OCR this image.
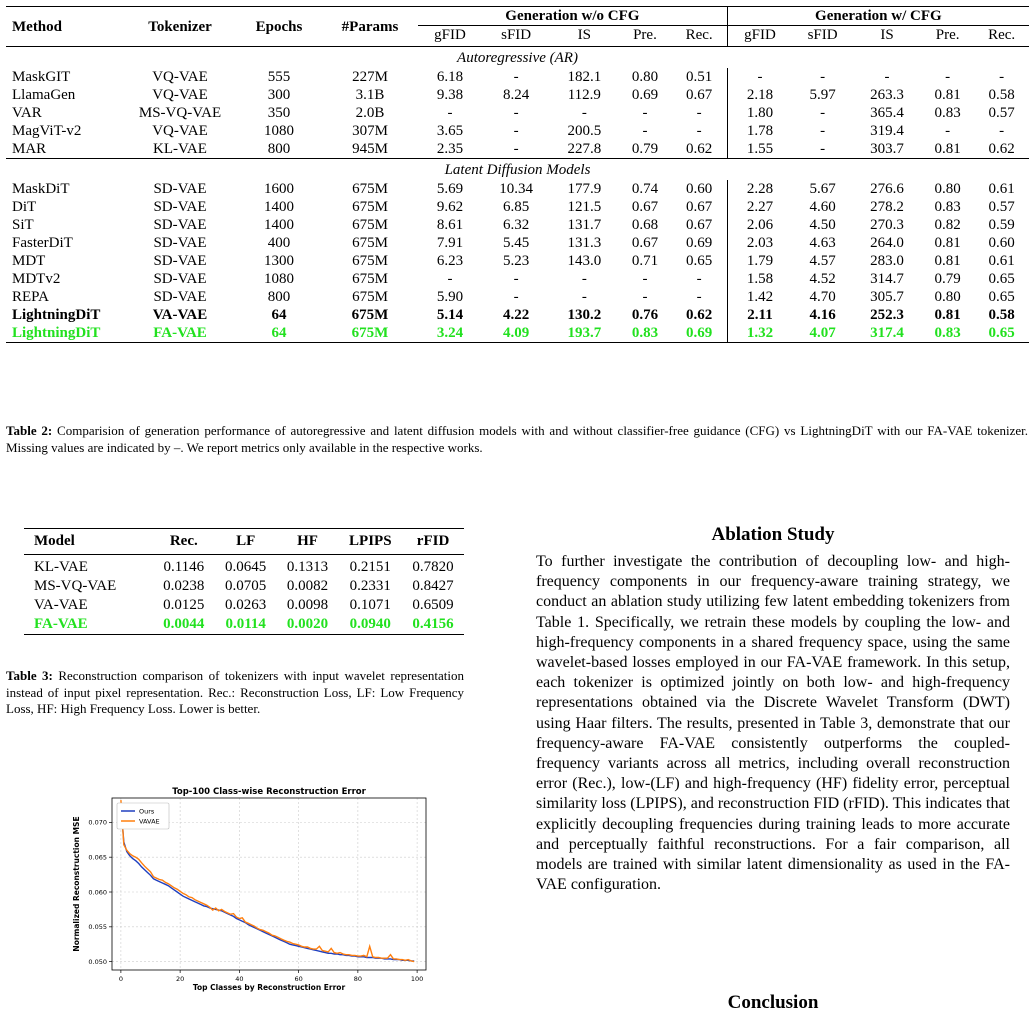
Method	Tokenizer	Epochs	#Params	Generation w/o CFG					Generation w/ CFG				
				gFID	sFID	IS	Pre.	Rec.	gFID	sFID	IS	Pre.	Rec.
Autoregressive (AR)													
MaskGIT	VQ-VAE	555	227M	6.18	-	182.1	0.80	0.51	-	-	-	-	-
LlamaGen	VQ-VAE	300	3.1B	9.38	8.24	112.9	0.69	0.67	2.18	5.97	263.3	0.81	0.58
VAR	MS-VQ-VAE	350	2.0B	-	-	-	-	-	1.80	-	365.4	0.83	0.57
MagViT-v2	VQ-VAE	1080	307M	3.65	-	200.5	-	-	1.78	-	319.4	-	-
MAR	KL-VAE	800	945M	2.35	-	227.8	0.79	0.62	1.55	-	303.7	0.81	0.62
Latent Diffusion Models													
MaskDiT	SD-VAE	1600	675M	5.69	10.34	177.9	0.74	0.60	2.28	5.67	276.6	0.80	0.61
DiT	SD-VAE	1400	675M	9.62	6.85	121.5	0.67	0.67	2.27	4.60	278.2	0.83	0.57
SiT	SD-VAE	1400	675M	8.61	6.32	131.7	0.68	0.67	2.06	4.50	270.3	0.82	0.59
FasterDiT	SD-VAE	400	675M	7.91	5.45	131.3	0.67	0.69	2.03	4.63	264.0	0.81	0.60
MDT	SD-VAE	1300	675M	6.23	5.23	143.0	0.71	0.65	1.79	4.57	283.0	0.81	0.61
MDTv2	SD-VAE	1080	675M	-	-	-	-	-	1.58	4.52	314.7	0.79	0.65
REPA	SD-VAE	800	675M	5.90	-	-	-	-	1.42	4.70	305.7	0.80	0.65
LightningDiT	VA-VAE	64	675M	5.14	4.22	130.2	0.76	0.62	2.11	4.16	252.3	0.81	0.58
LightningDiT	FA-VAE	64	675M	3.24	4.09	193.7	0.83	0.69	1.32	4.07	317.4	0.83	0.65
Table 2: Comparision of generation performance of autoregressive and latent diffusion models with and without classifier-free guidance (CFG) vs LightningDiT with our FA-VAE tokenizer. Missing values are indicated by –. We report metrics only available in the respective works.
Model	Rec.	LF	HF	LPIPS	rFID
KL-VAE	0.1146	0.0645	0.1313	0.2151	0.7820
MS-VQ-VAE	0.0238	0.0705	0.0082	0.2331	0.8427
VA-VAE	0.0125	0.0263	0.0098	0.1071	0.6509
FA-VAE	0.0044	0.0114	0.0020	0.0940	0.4156
Table 3: Reconstruction comparison of tokenizers with input wavelet representation instead of input pixel representation. Rec.: Reconstruction Loss, LF: Low Frequency Loss, HF: High Frequency Loss. Lower is better.
0	20	40	60	80	100
0.050
0.055
0.060
0.065
0.070
Top-100 Class-wise Reconstruction Error
Top Classes by Reconstruction Error
Normalized Reconstruction MSE
Ours
VAVAE
Ablation Study
To further investigate the contribution of decoupling low- and high-frequency components in our frequency-aware training strategy, we conduct an ablation study utilizing few latent embedding tokenizers from Table 1. Specifically, we retrain these models by coupling the low- and high-frequency components in a shared frequency space, using the same wavelet-based losses employed in our FA-VAE framework. In this setup, each tokenizer is optimized jointly on both low- and high-frequency representations obtained via the Discrete Wavelet Transform (DWT) using Haar filters. The results, presented in Table 3, demonstrate that our frequency-aware FA-VAE consistently outperforms the coupled-frequency variants across all metrics, including overall reconstruction error (Rec.), low-(LF) and high-frequency (HF) fidelity error, perceptual similarity loss (LPIPS), and reconstruction FID (rFID). This indicates that explicitly decoupling frequencies during training leads to more accurate and perceptually faithful reconstructions. For a fair comparison, all models are trained with similar latent dimensionality as used in the FA-VAE configuration.
Conclusion
